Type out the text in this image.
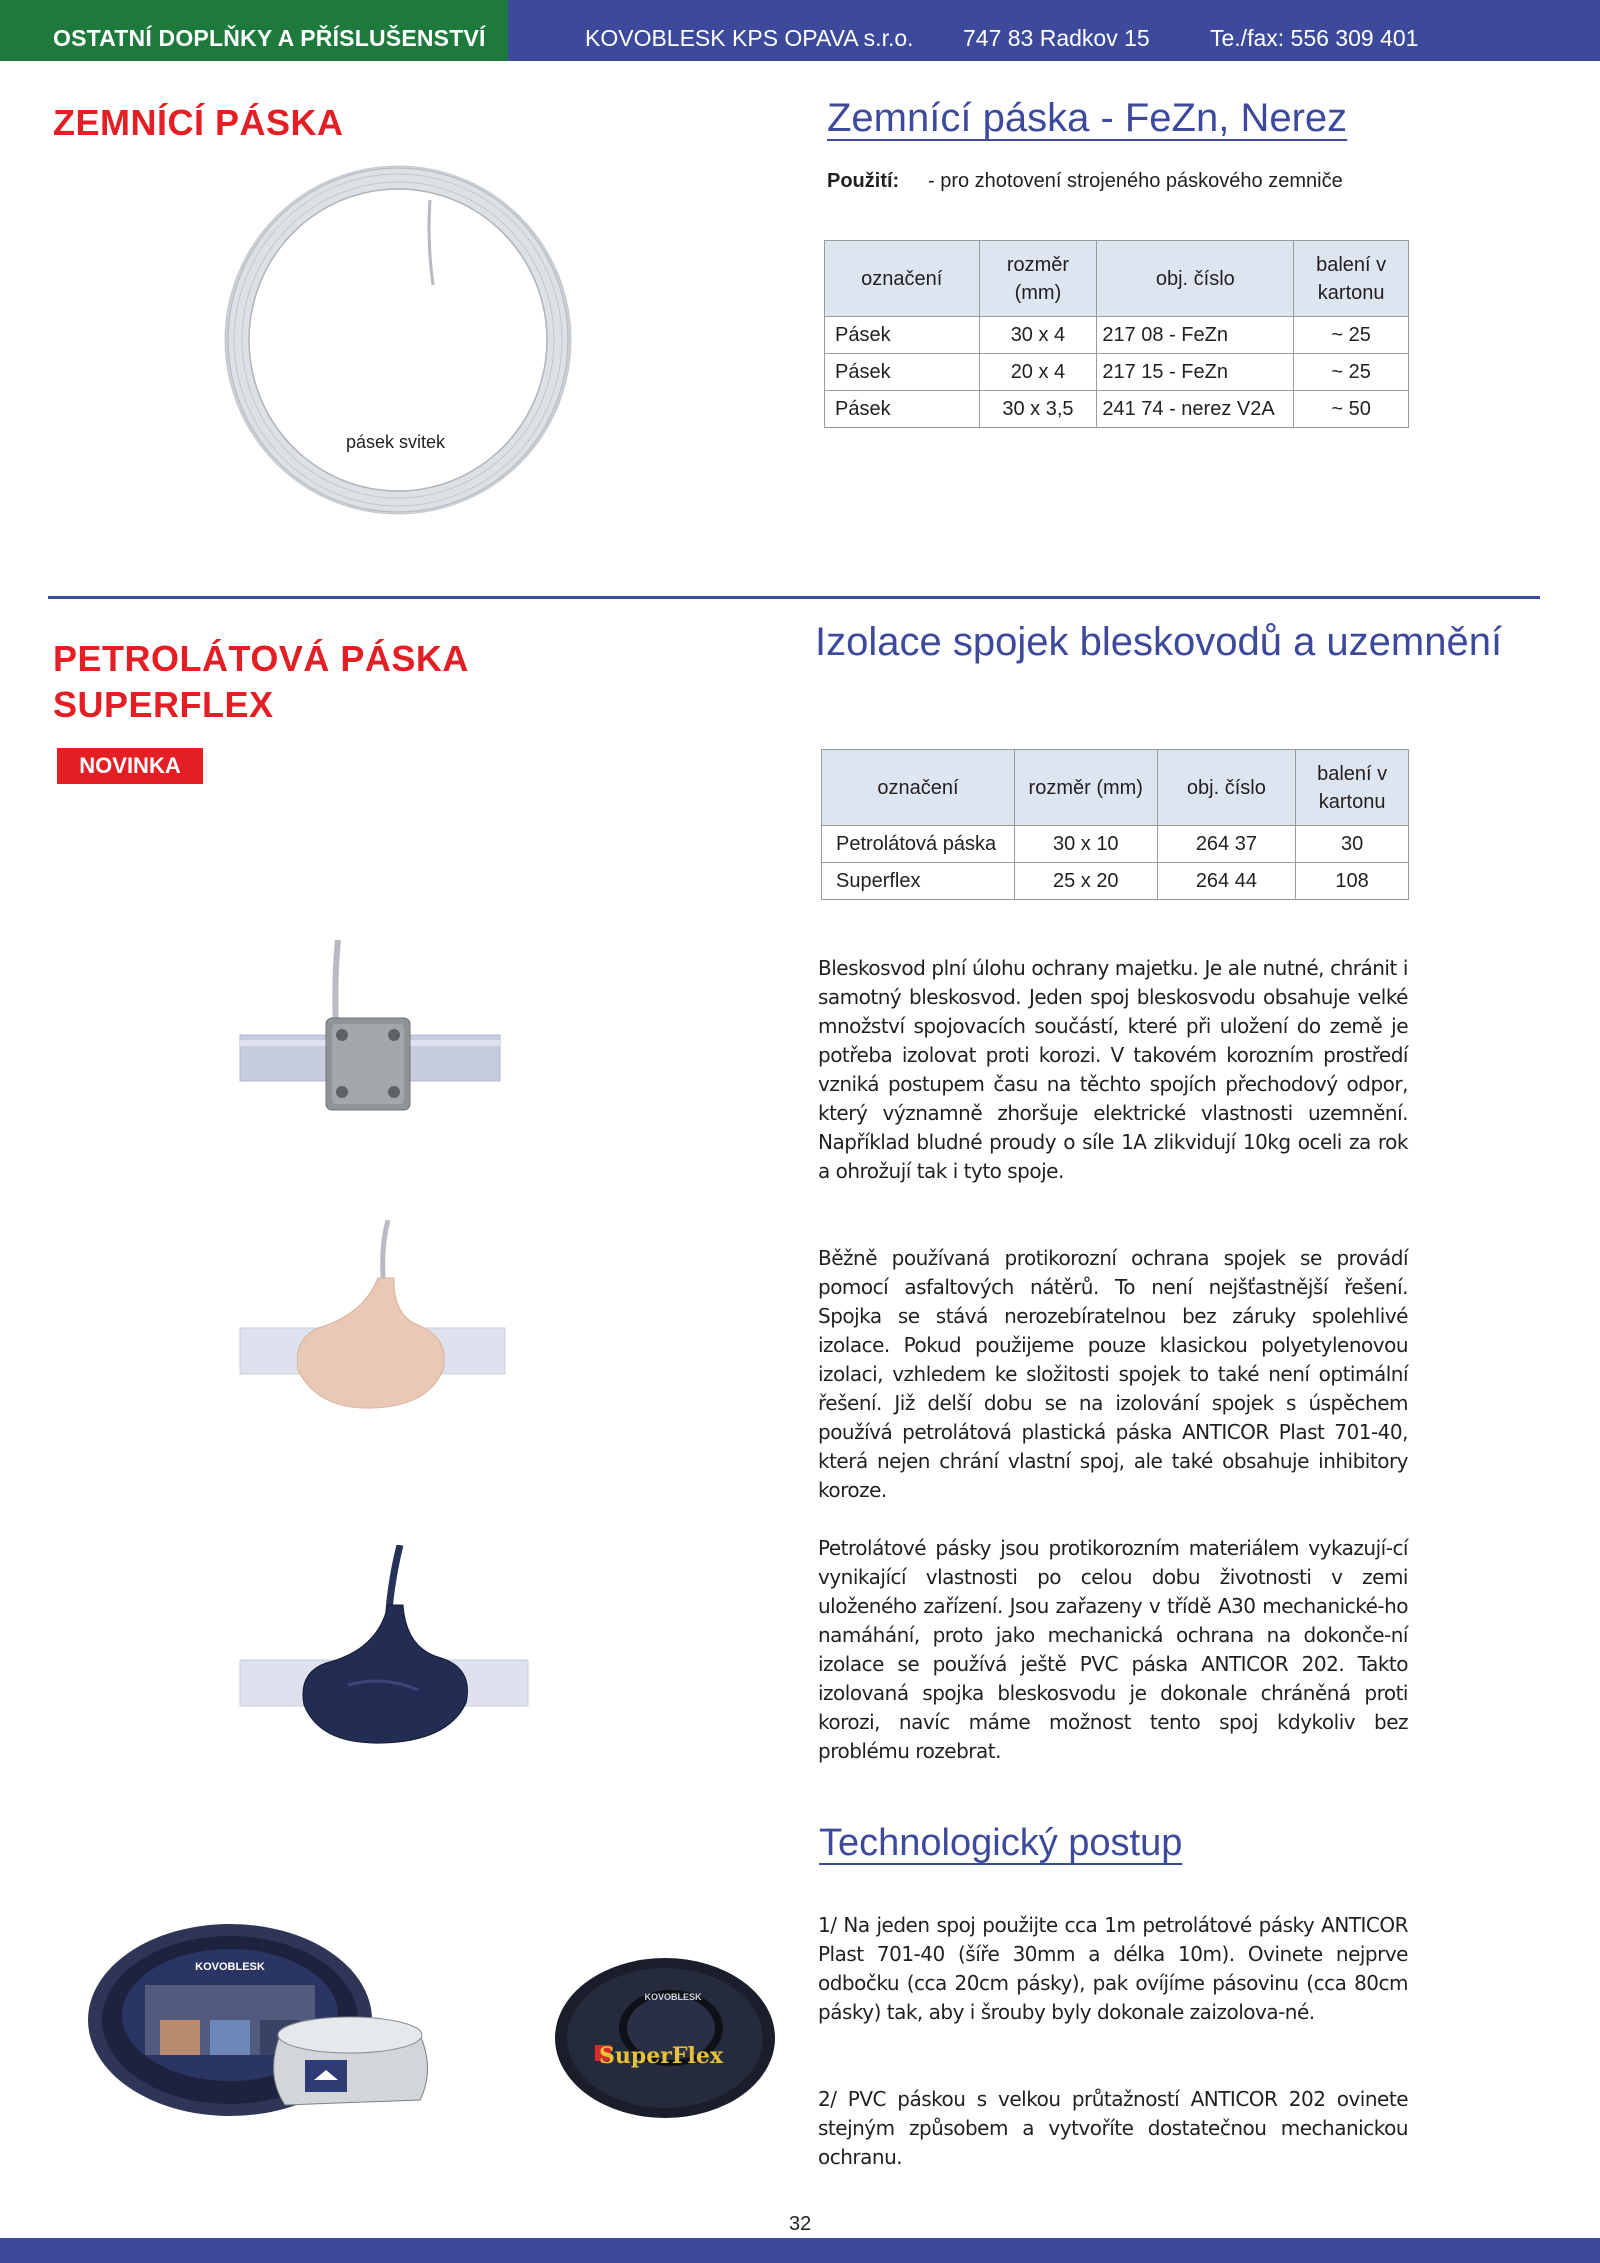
OSTATNÍ DOPLŇKY A PŘÍSLUŠENSTVÍ	KOVOBLESK KPS OPAVA s.r.o. 747 83 Radkov 15	Te./fax: 556 309 401
ZEMNÍCÍ PÁSKA
pásek svitek
Zemnící páska - FeZn, Nerez
Použití: - pro zhotovení strojeného páskového zemniče
označení	rozměr (mm)	obj. číslo	balení v kartonu
Pásek	30 x 4	217 08 - FeZn	~ 25
Pásek	20 x 4	217 15 - FeZn	~ 25
Pásek	30 x 3,5	241 74 - nerez V2A	~ 50
PETROLÁTOVÁ PÁSKA
SUPERFLEX
NOVINKA
Izolace spojek bleskovodů a uzemnění
označení	rozměr (mm)	obj. číslo	balení v kartonu
Petrolátová páska	30 x 10	264 37	30
Superflex	25 x 20	264 44	108
KOVOBLESK
KOVOBLESK
SuperFlex
Bleskosvod plní úlohu ochrany majetku. Je ale nutné, chránit i samotný bleskosvod. Jeden spoj bleskosvodu obsahuje velké množství spojovacích součástí, které při uložení do země je potřeba izolovat proti korozi. V takovém korozním prostředí vzniká postupem času na těchto spojích přechodový odpor, který významně zhoršuje elektrické vlastnosti uzemnění. Například bludné proudy o síle 1A zlikvidují 10kg oceli za rok a ohrožují tak i tyto spoje.
Běžně používaná protikorozní ochrana spojek se provádí pomocí asfaltových nátěrů. To není nejšťastnější řešení. Spojka se stává nerozebíratelnou bez záruky spolehlivé izolace. Pokud použijeme pouze klasickou polyetylenovou izolaci, vzhledem ke složitosti spojek to také není optimální řešení. Již delší dobu se na izolování spojek s úspěchem používá petrolátová plastická páska ANTICOR Plast 701-40, která nejen chrání vlastní spoj, ale také obsahuje inhibitory koroze.
Petrolátové pásky jsou protikorozním materiálem vykazují-cí vynikající vlastnosti po celou dobu životnosti v zemi uloženého zařízení. Jsou zařazeny v třídě A30 mechanické-ho namáhání, proto jako mechanická ochrana na dokonče-ní izolace se používá ještě PVC páska ANTICOR 202. Takto izolovaná spojka bleskosvodu je dokonale chráněná proti korozi, navíc máme možnost tento spoj kdykoliv bez problému rozebrat.
Technologický postup
1/ Na jeden spoj použijte cca 1m petrolátové pásky ANTICOR Plast 701-40 (šíře 30mm a délka 10m). Ovinete nejprve odbočku (cca 20cm pásky), pak ovíjíme pásovinu (cca 80cm pásky) tak, aby i šrouby byly dokonale zaizolova-né.
2/ PVC páskou s velkou průtažností ANTICOR 202 ovinete stejným způsobem a vytvoříte dostatečnou mechanickou ochranu.
32
